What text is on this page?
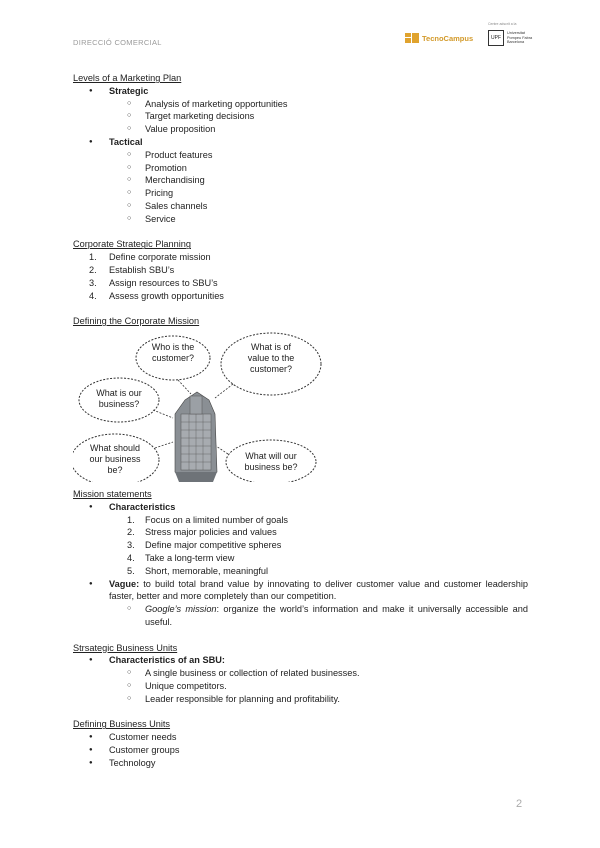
DIRECCIÓ COMERCIAL	TecnoCampus
Centre adscrit a la
UPF
Universitat
Pompeu Fabra
Barcelona

Levels of a Marketing Plan

● Strategic
○ Analysis of marketing opportunities
○ Target marketing decisions
○ Value proposition
● Tactical
○ Product features
○ Promotion
○ Merchandising
○ Pricing
○ Sales channels
○ Service

Corporate Strategic Planning

1. Define corporate mission
2. Establish SBU’s
3. Assign resources to SBU’s
4. Assess growth opportunities

Defining the Corporate Mission

Who is the
customer?
What is of
value to the
customer?
What is our
business?
What should
our business
be?
What will our
business be?

Mission statements

● Characteristics
1. Focus on a limited number of goals
2. Stress major policies and values
3. Define major competitive spheres
4. Take a long-term view
5. Short, memorable, meaningful
● Vague: to build total brand value by innovating to deliver customer value and customer leadership faster, better and more completely than our competition.
○ Google’s mission: organize the world’s information and make it universally accessible and useful.

Strsategic Business Units

● Characteristics of an SBU:
○ A single business or collection of related businesses.
○ Unique competitors.
○ Leader responsible for planning and profitability.

Defining Business Units

● Customer needs
● Customer groups
● Technology
2
